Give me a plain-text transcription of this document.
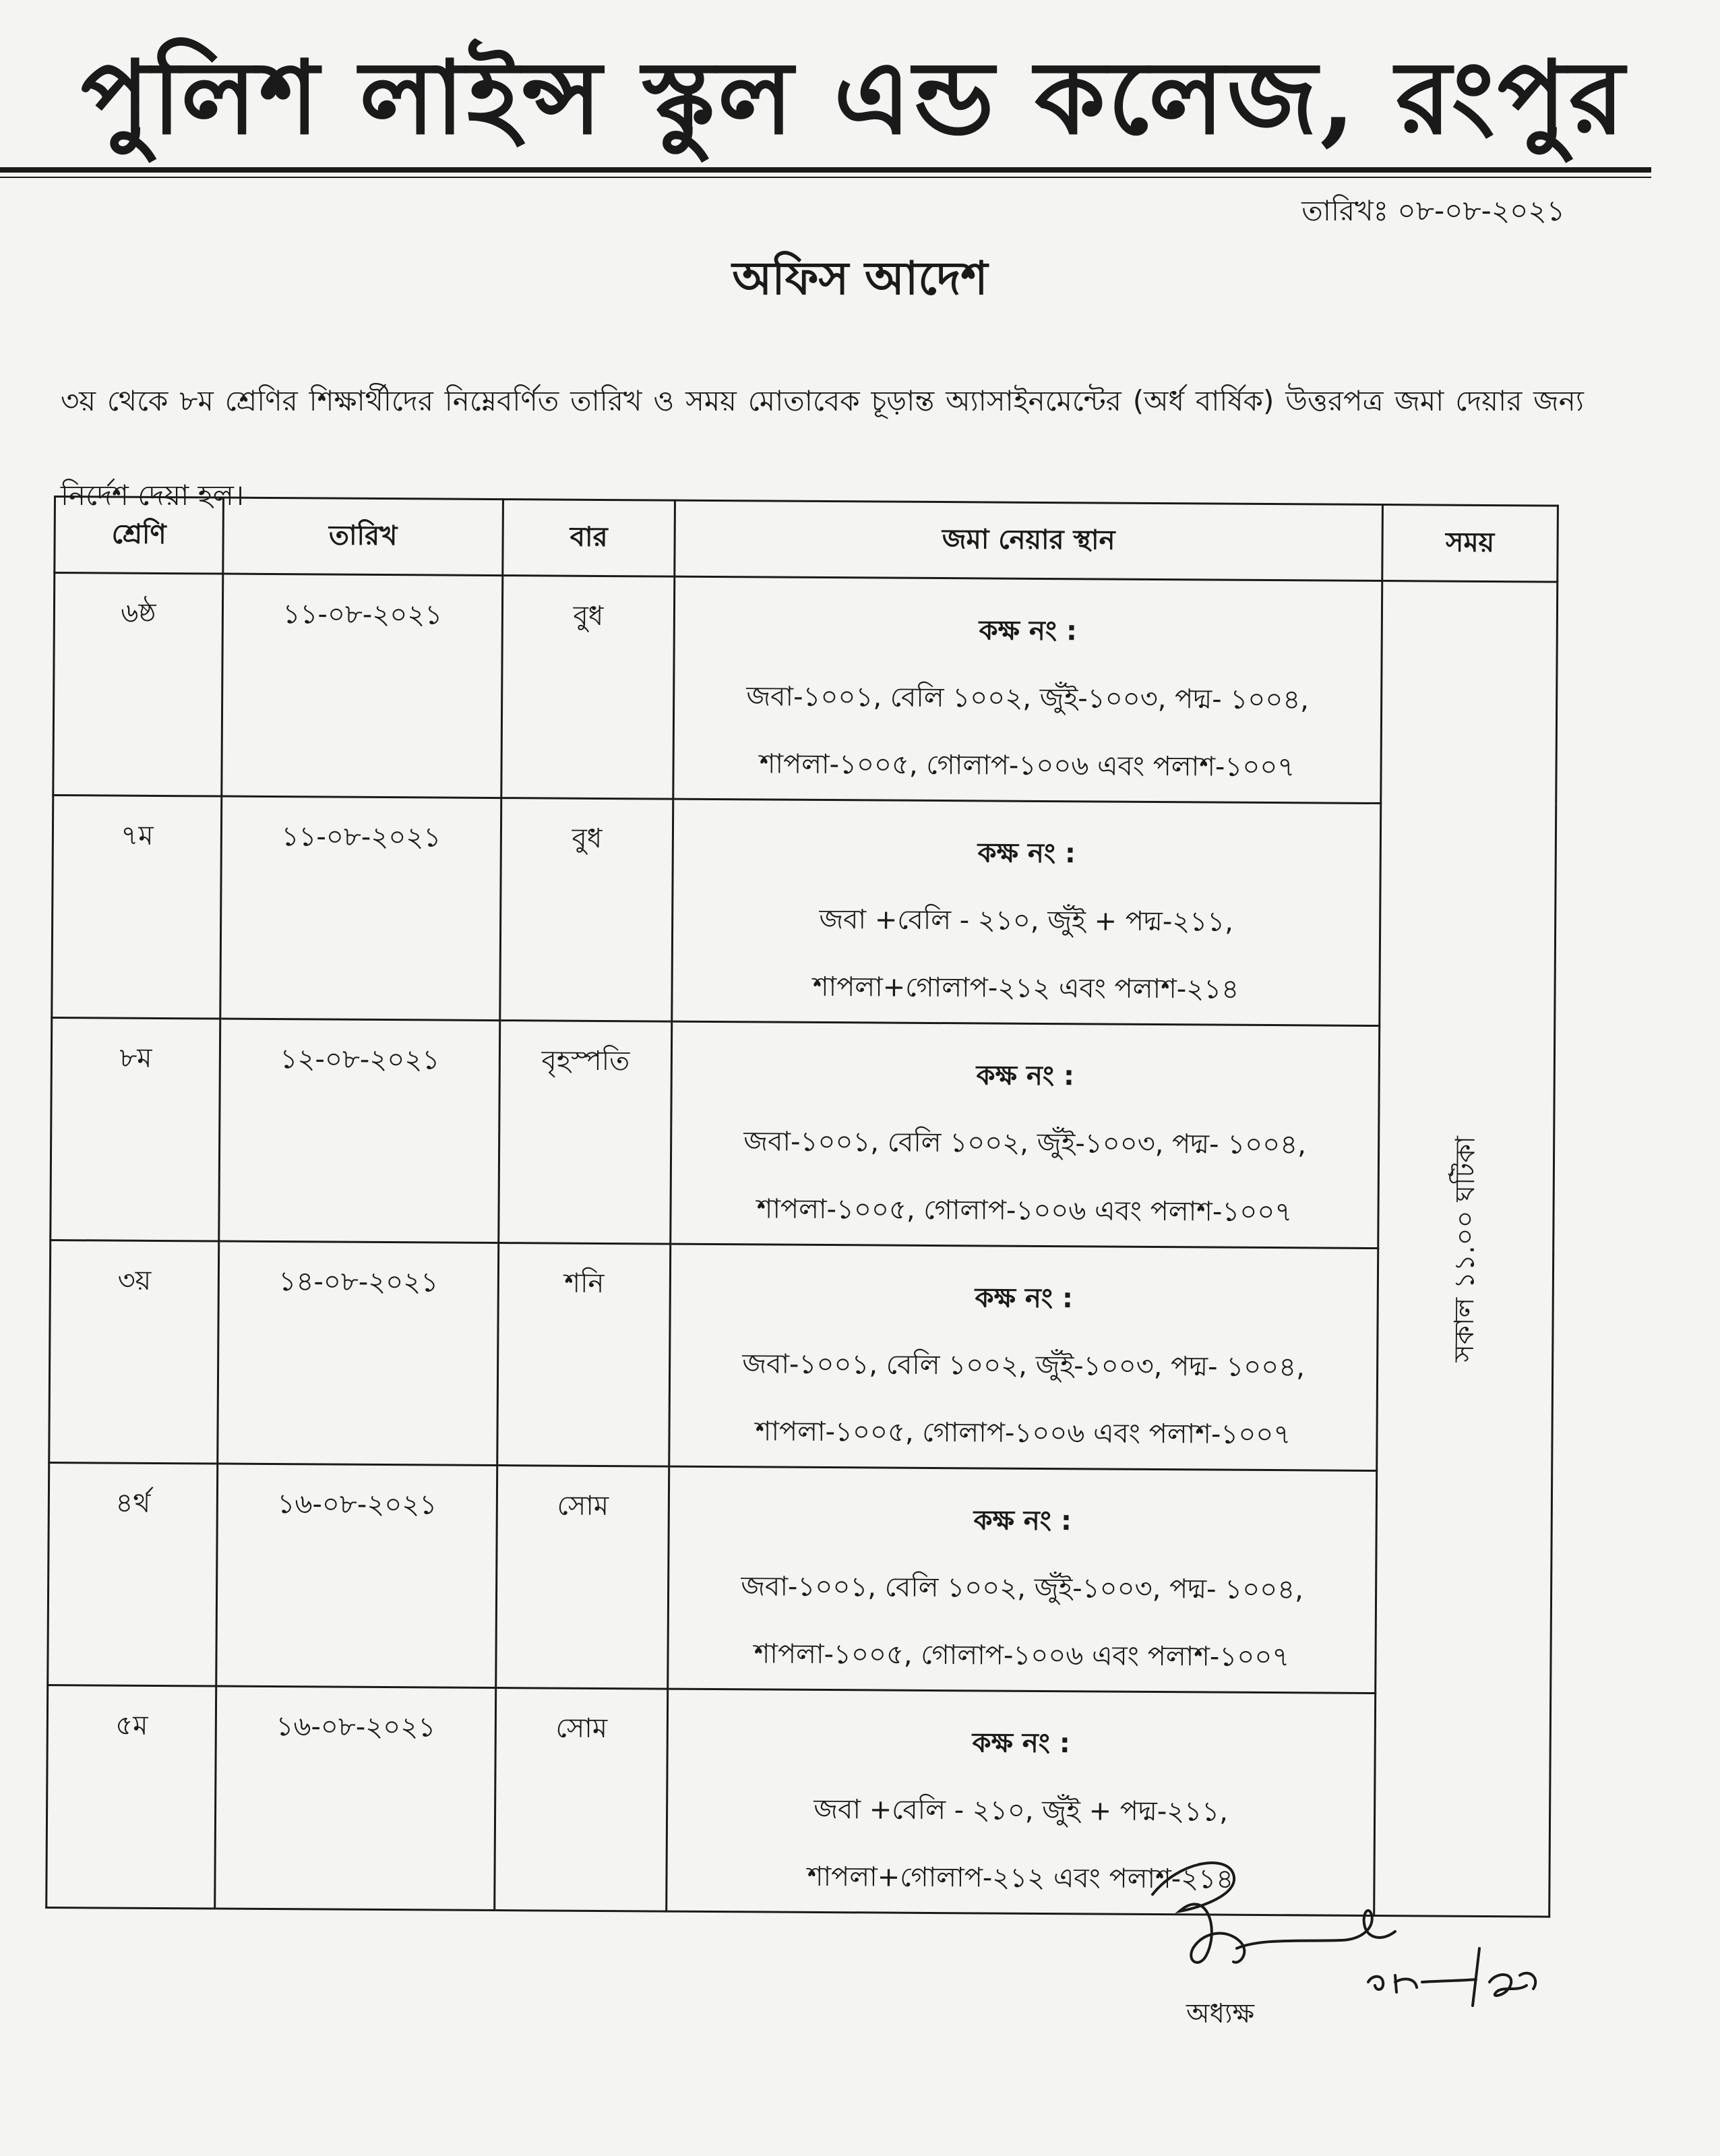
পুলিশ লাইন্স স্কুল এন্ড কলেজ, রংপুর
তারিখঃ ০৮-০৮-২০২১
অফিস আদেশ
৩য় থেকে ৮ম শ্রেণির শিক্ষার্থীদের নিম্নেবর্ণিত তারিখ ও সময় মোতাবেক চূড়ান্ত অ্যাসাইনমেন্টের (অর্ধ বার্ষিক) উত্তরপত্র জমা দেয়ার জন্য নির্দেশ দেয়া হল।
শ্রেণি	তারিখ	বার	জমা নেয়ার স্থান	সময়
৬ষ্ঠ	১১-০৮-২০২১	বুধ	কক্ষ নং :
জবা-১০০১, বেলি ১০০২, জুঁই-১০০৩, পদ্ম- ১০০৪,
শাপলা-১০০৫, গোলাপ-১০০৬ এবং পলাশ-১০০৭	সকাল ১১.০০ ঘটিকা

৭ম	১১-০৮-২০২১	বুধ	কক্ষ নং :
জবা +বেলি - ২১০, জুঁই + পদ্ম-২১১,
শাপলা+গোলাপ-২১২ এবং পলাশ-২১৪	

৮ম	১২-০৮-২০২১	বৃহস্পতি	কক্ষ নং :
জবা-১০০১, বেলি ১০০২, জুঁই-১০০৩, পদ্ম- ১০০৪,
শাপলা-১০০৫, গোলাপ-১০০৬ এবং পলাশ-১০০৭	

৩য়	১৪-০৮-২০২১	শনি	কক্ষ নং :
জবা-১০০১, বেলি ১০০২, জুঁই-১০০৩, পদ্ম- ১০০৪,
শাপলা-১০০৫, গোলাপ-১০০৬ এবং পলাশ-১০০৭	

৪র্থ	১৬-০৮-২০২১	সোম	কক্ষ নং :
জবা-১০০১, বেলি ১০০২, জুঁই-১০০৩, পদ্ম- ১০০৪,
শাপলা-১০০৫, গোলাপ-১০০৬ এবং পলাশ-১০০৭	

৫ম	১৬-০৮-২০২১	সোম	কক্ষ নং :
জবা +বেলি - ২১০, জুঁই + পদ্ম-২১১,
শাপলা+গোলাপ-২১২ এবং পলাশ-২১৪	
অধ্যক্ষ
